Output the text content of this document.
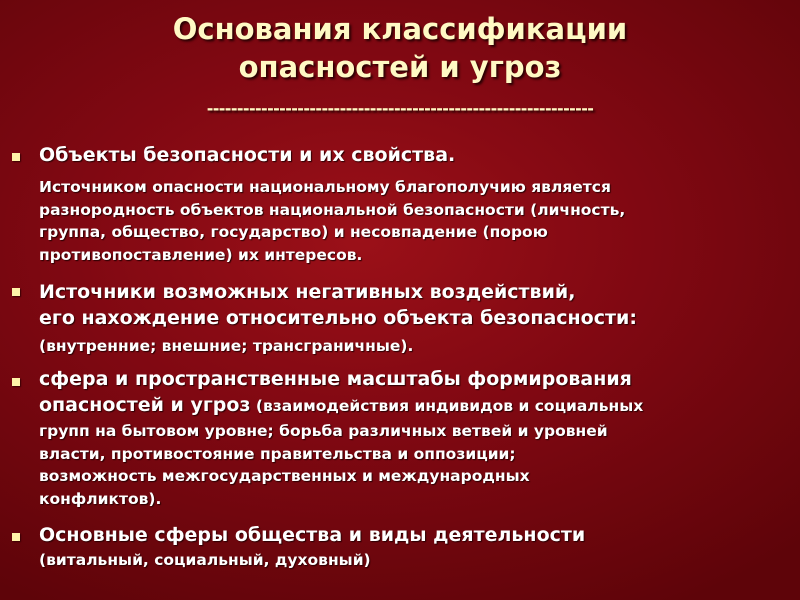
Основания классификации
опасностей и угроз
----------------------------------------------------------------
Объекты безопасности и их свойства.
Источником опасности национальному благополучию является
разнородность объектов национальной безопасности (личность,
группа, общество, государство) и несовпадение (порою
противопоставление) их интересов.
Источники возможных негативных воздействий,
его нахождение относительно объекта безопасности:
(внутренние; внешние; трансграничные).
сфера и пространственные масштабы формирования
опасностей и угроз (взаимодействия индивидов и социальных
групп на бытовом уровне; борьба различных ветвей и уровней
власти, противостояние правительства и оппозиции;
возможность межгосударственных и международных
конфликтов).
Основные сферы общества и виды деятельности
(витальный, социальный, духовный)
